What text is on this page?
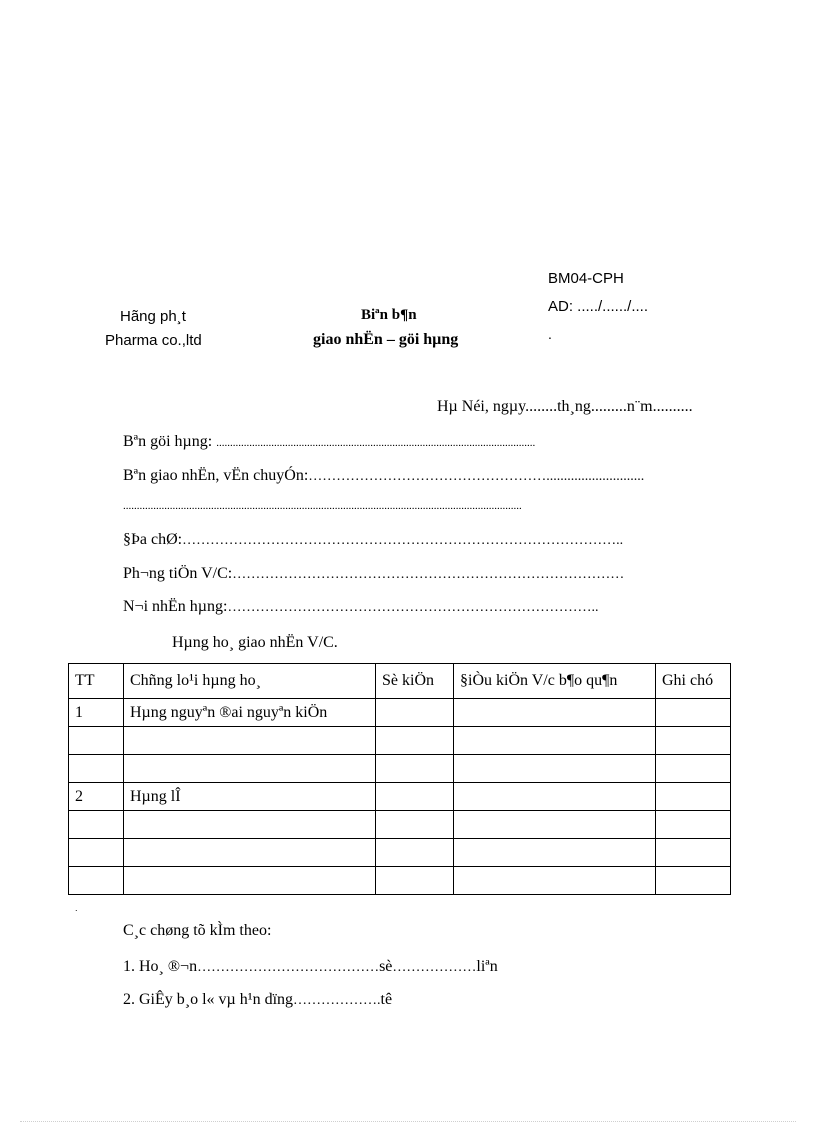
BM04-CPH
AD: ...../....../....
.
Hãng ph¸t
Pharma co.,ltd
Biªn b¶n
giao nhËn – göi hµng
Hµ Néi, ngµy........th¸ng.........n¨m..........
Bªn göi hµng: ....................................................................................................................
Bªn giao nhËn, vËn chuyÓn:……………………………………………............................
.................................................................................................................................................
§Þa chØ:…………………………………………………………………………………..
Ph¬ng tiÖn V/C:…………………………………………………………………………
N¬i nhËn hµng:……………………………………………………………………..
Hµng ho¸ giao nhËn V/C.
TT	Chñng lo¹i hµng ho¸	Sè kiÖn	§iÒu kiÖn V/c b¶o qu¶n	Ghi chó
1	Hµng nguyªn ®ai nguyªn kiÖn			

2	Hµng lÎ			

.
C¸c chøng tõ kÌm theo:
1. Ho¸ ®¬n…………………………………sè………………liªn
2. GiÊy b¸o l« vµ h¹n dïng……………….tê
